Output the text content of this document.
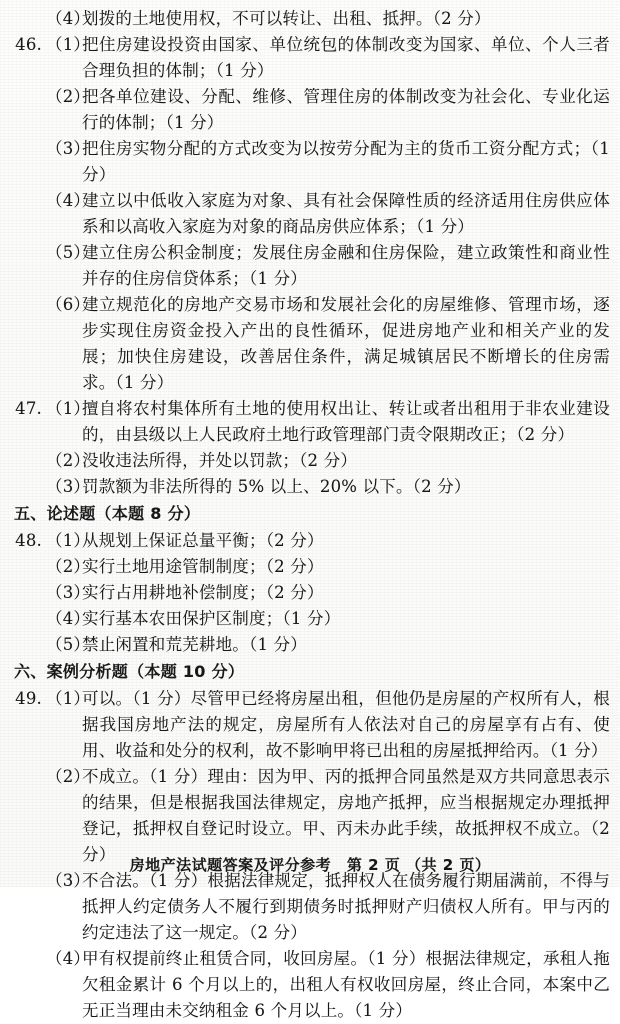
（4）
划拨的土地使用权，不可以转让、出租、抵押。（2 分）
46. （1）
把住房建设投资由国家、单位统包的体制改变为国家、单位、个人三者合理负担的体制；（1 分）
（2）
把各单位建设、分配、维修、管理住房的体制改变为社会化、专业化运行的体制；（1 分）
（3）
把住房实物分配的方式改变为以按劳分配为主的货币工资分配方式；（1 分）
（4）
建立以中低收入家庭为对象、具有社会保障性质的经济适用住房供应体系和以高收入家庭为对象的商品房供应体系；（1 分）
（5）
建立住房公积金制度；发展住房金融和住房保险，建立政策性和商业性并存的住房信贷体系；（1 分）
（6）
建立规范化的房地产交易市场和发展社会化的房屋维修、管理市场，逐步实现住房资金投入产出的良性循环，促进房地产业和相关产业的发展；加快住房建设，改善居住条件，满足城镇居民不断增长的住房需求。（1 分）
47. （1）
擅自将农村集体所有土地的使用权出让、转让或者出租用于非农业建设的，由县级以上人民政府土地行政管理部门责令限期改正；（2 分）
（2）
没收违法所得，并处以罚款；（2 分）
（3）
罚款额为非法所得的 5% 以上、20% 以下。（2 分）
五、论述题（本题 8 分）
48. （1）
从规划上保证总量平衡；（2 分）
（2）
实行土地用途管制制度；（2 分）
（3）
实行占用耕地补偿制度；（2 分）
（4）
实行基本农田保护区制度；（1 分）
（5）
禁止闲置和荒芜耕地。（1 分）
六、案例分析题（本题 10 分）
49. （1）
可以。（1 分）尽管甲已经将房屋出租，但他仍是房屋的产权所有人，根据我国房地产法的规定，房屋所有人依法对自己的房屋享有占有、使用、收益和处分的权利，故不影响甲将已出租的房屋抵押给丙。（1 分）
（2）
不成立。（1 分）理由：因为甲、丙的抵押合同虽然是双方共同意思表示的结果，但是根据我国法律规定，房地产抵押，应当根据规定办理抵押登记，抵押权自登记时设立。甲、丙未办此手续，故抵押权不成立。（2 分）
（3）
不合法。（1 分）根据法律规定，抵押权人在债务履行期届满前，不得与抵押人约定债务人不履行到期债务时抵押财产归债权人所有。甲与丙的约定违法了这一规定。（2 分）
（4）
甲有权提前终止租赁合同，收回房屋。（1 分）根据法律规定，承租人拖欠租金累计 6 个月以上的，出租人有权收回房屋，终止合同，本案中乙无正当理由未交纳租金 6 个月以上。（1 分）
房地产法试题答案及评分参考 第 2 页 （共 2 页）
